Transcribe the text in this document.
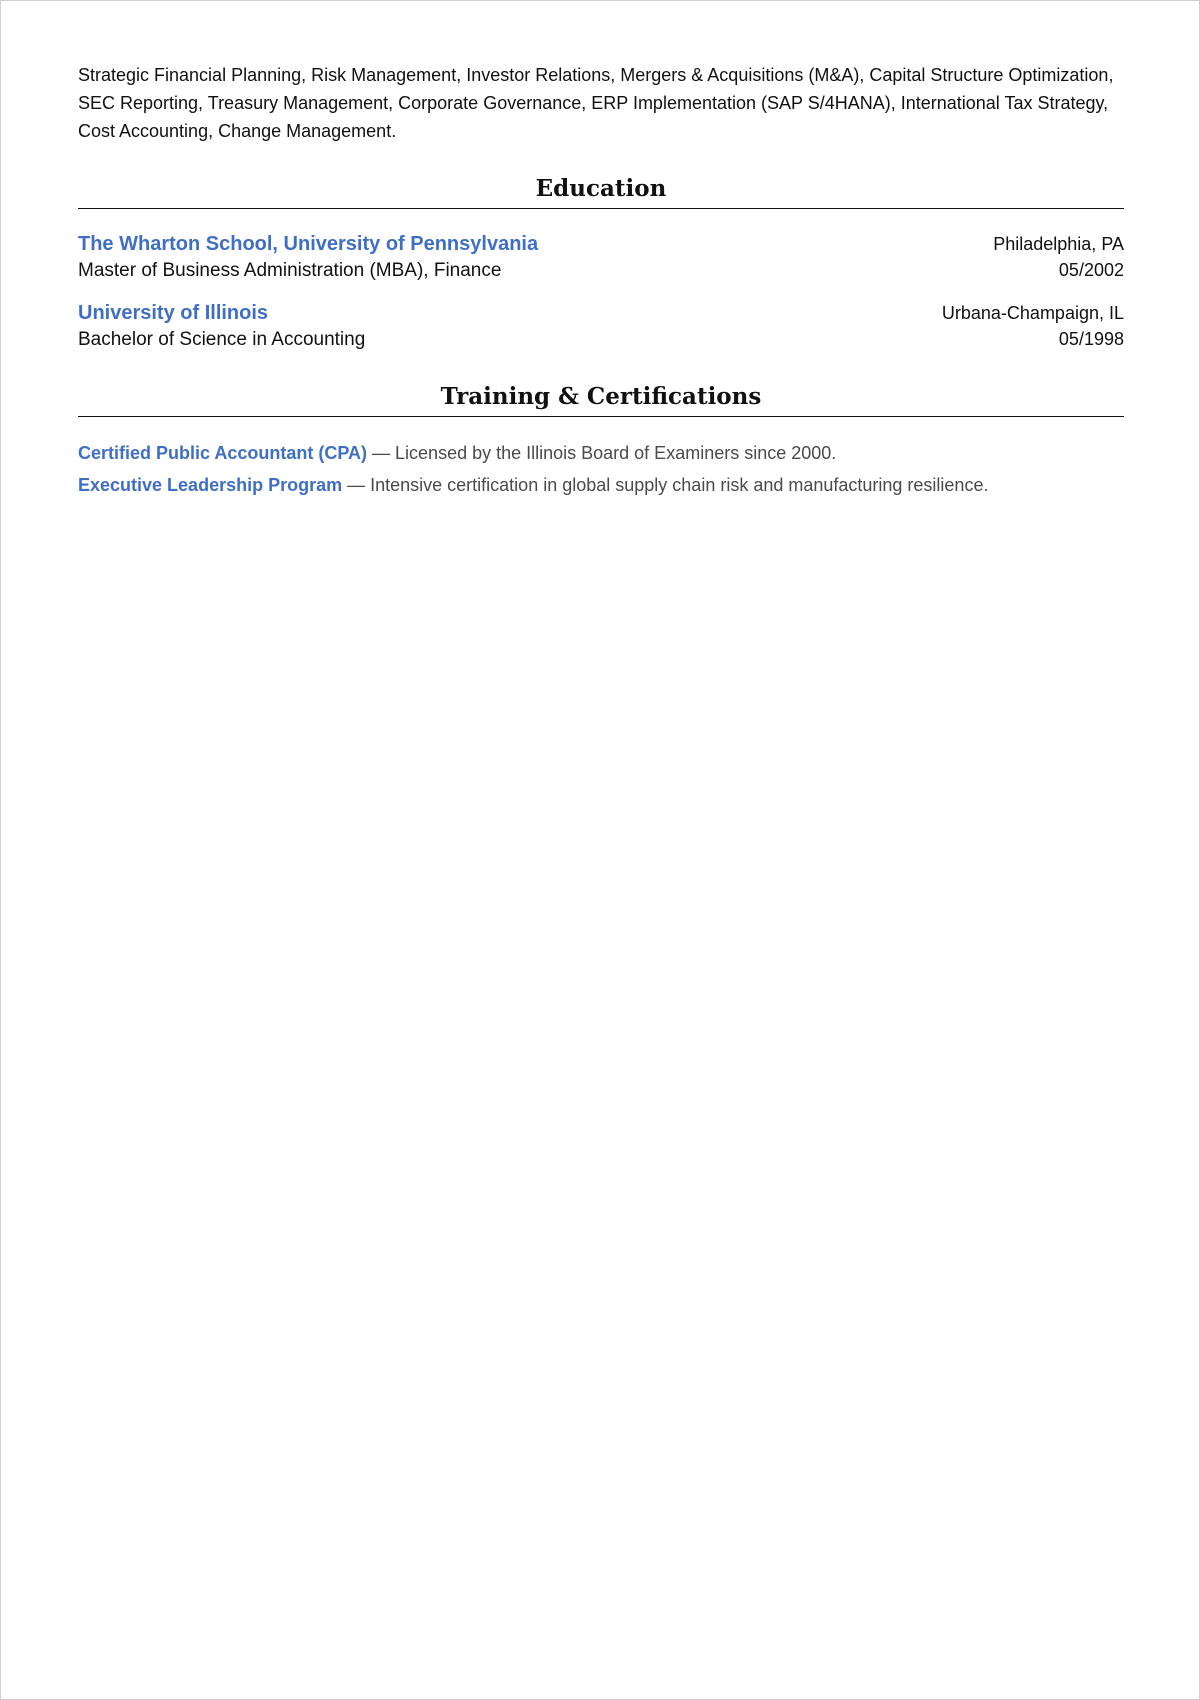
Strategic Financial Planning, Risk Management, Investor Relations, Mergers & Acquisitions (M&A), Capital Structure Optimization, SEC Reporting, Treasury Management, Corporate Governance, ERP Implementation (SAP S/4HANA), International Tax Strategy, Cost Accounting, Change Management.

Education
The Wharton School, University of Pennsylvania	Philadelphia, PA
Master of Business Administration (MBA), Finance	05/2002
University of Illinois	Urbana-Champaign, IL
Bachelor of Science in Accounting	05/1998
Training & Certifications
Certified Public Accountant (CPA) — Licensed by the Illinois Board of Examiners since 2000.
Executive Leadership Program — Intensive certification in global supply chain risk and manufacturing resilience.
